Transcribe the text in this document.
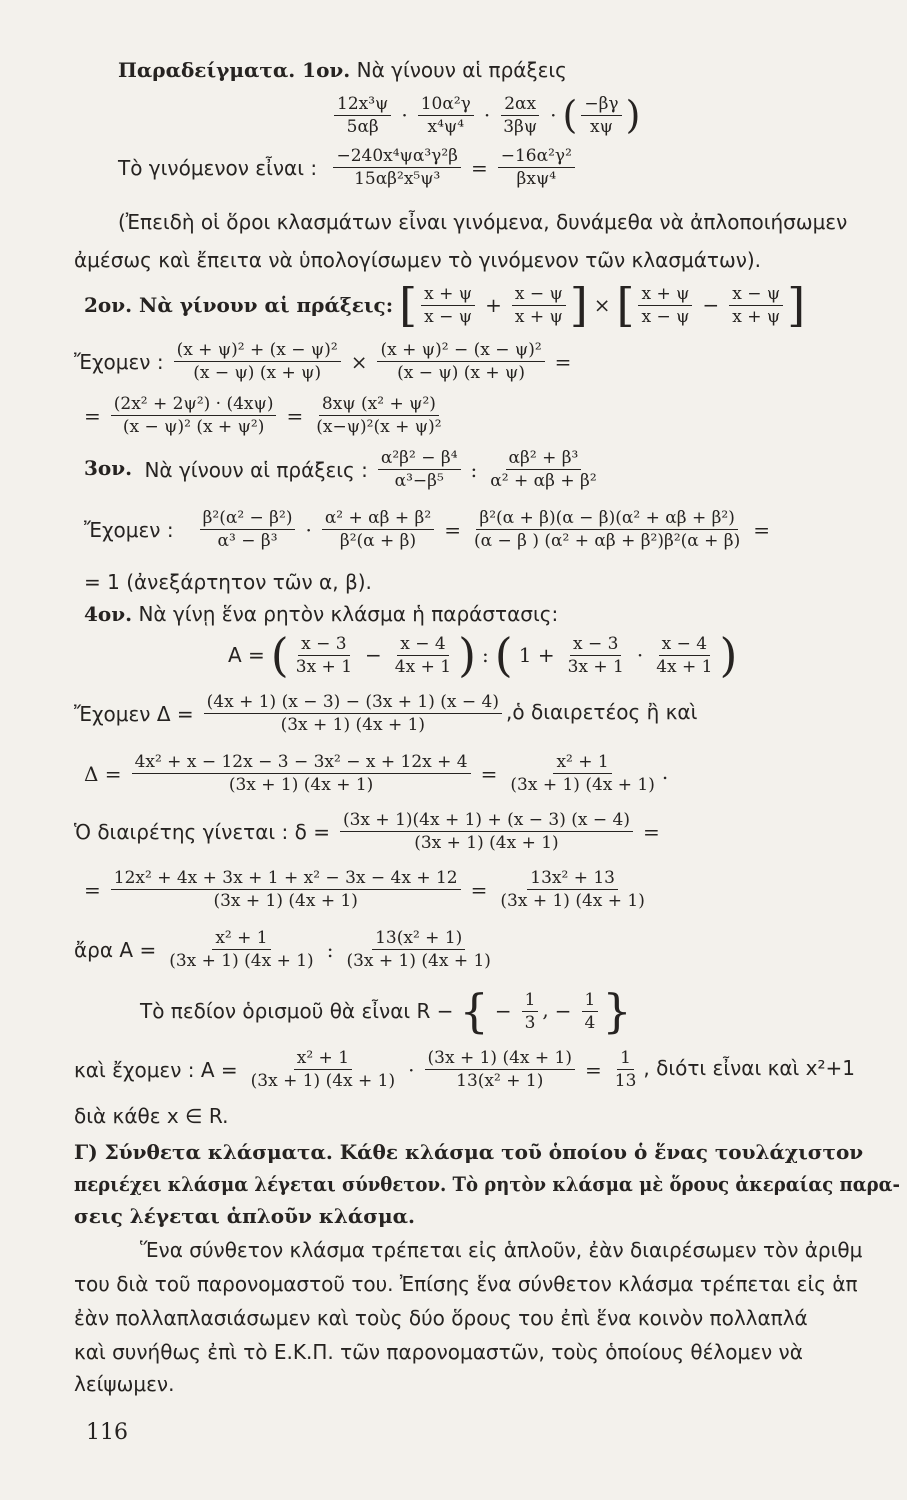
Παραδείγματα. 1ον. Νὰ γίνουν αἱ πράξεις
$\frac{\text{12x³ψ}}{5\alpha\beta} \cdot \frac{\text{10α²γ}}{\text{x⁴ψ⁴}} \cdot \frac{2\alpha x}{3\beta\psi}$ · ( $\frac{-\beta\gamma}{x\psi}$ )
Τὸ γινόμενον εἶναι : $\frac{\text{−240x⁴ψα³γ²β}}{\text{15αβ²x⁵ψ³}} = \frac{\text{−16α²γ²}}{\text{βxψ⁴}}$
(Ἐπειδὴ οἱ ὅροι κλασμάτων εἶναι γινόμενα, δυνάμεθα νὰ ἀπλοποιήσωμεν
ἀμέσως καὶ ἔπειτα νὰ ὑπολογίσωμεν τὸ γινόμενον τῶν κλασμάτων).
2ον. Νὰ γίνουν αἱ πράξεις: [ $\frac{x + \psi}{x - \psi} + \frac{x - \psi}{x + \psi}$ ] × [ $\frac{x + \psi}{x - \psi} - \frac{x - \psi}{x + \psi}$ ]
Ἔχομεν : $\frac{\text{(x + ψ)² + (x − ψ)²}}{(x - \psi) (x + \psi)} \times \frac{\text{(x + ψ)² − (x − ψ)²}}{(x - \psi) (x + \psi)}$ =
= $\frac{\text{(2x² + 2ψ²) · (4xψ)}}{\text{(x − ψ)² (x + ψ²)}} = \frac{\text{8xψ (x² + ψ²)}}{\text{(x−ψ)²(x + ψ)²}}$
3ον. Νὰ γίνουν αἱ πράξεις : $\frac{\text{α²β² − β⁴}}{\text{α³−β⁵}}$ : $\frac{\text{αβ² + β³}}{\text{α² + αβ + β²}}$
Ἔχομεν : $\frac{\text{β²(α² − β²)}}{\text{α³ − β³}} \cdot \frac{\text{α² + αβ + β²}}{\text{β²(α + β)}} = \frac{\text{β²(α + β)(α − β)(α² + αβ + β²)}}{\text{(α − β ) (α² + αβ + β²)β²(α + β)}}$ =
= 1 (ἀνεξάρτητον τῶν α, β).
4ον. Νὰ γίνῃ ἕνα ρητὸν κλάσμα ἡ παράστασις:
Α = ( $\frac{x - 3}{3x + 1} - \frac{x - 4}{4x + 1}$ ) : ( $1 + \frac{x - 3}{3x + 1} \cdot \frac{x - 4}{4x + 1}$ )
Ἔχομεν $\Delta = \frac{(4x + 1) (x - 3) - (3x + 1) (x - 4)}{(3x + 1) (4x + 1)}$ ,ὁ διαιρετέος ἢ καὶ
$\Delta = \frac{\text{4x² + x − 12x − 3 − 3x² − x + 12x + 4}}{(3x + 1) (4x + 1)} = \frac{\text{x² + 1}}{(3x + 1) (4x + 1)}$ .
Ὁ διαιρέτης γίνεται : $\delta = \frac{(3x + 1)(4x + 1) + (x - 3) (x - 4)}{(3x + 1) (4x + 1)}$ =
= $\frac{\text{12x² + 4x + 3x + 1 + x² − 3x − 4x + 12}}{(3x + 1) (4x + 1)} = \frac{\text{13x² + 13}}{(3x + 1) (4x + 1)}$
ἄρα $A = \frac{\text{x² + 1}}{(3x + 1) (4x + 1)}$ : $\frac{\text{13(x² + 1)}}{(3x + 1) (4x + 1)}$
Τὸ πεδίον ὁρισμοῦ θὰ εἶναι R − { − $\frac{1}{3}$ , − $\frac{1}{4}$ }
καὶ ἔχομεν : $A = \frac{\text{x² + 1}}{(3x + 1) (4x + 1)} \cdot \frac{(3x + 1) (4x + 1)}{\text{13(x² + 1)}} = \frac{1}{13}$ , διότι εἶναι καὶ x²+1
διὰ κάθε x ∈ R.
Γ) Σύνθετα κλάσματα. Κάθε κλάσμα τοῦ ὁποίου ὁ ἕνας τουλάχιστον
περιέχει κλάσμα λέγεται σύνθετον. Τὸ ρητὸν κλάσμα μὲ ὅρους ἀκεραίας παρα-
σεις λέγεται ἁπλοῦν κλάσμα.
Ἕνα σύνθετον κλάσμα τρέπεται εἰς ἁπλοῦν, ἐὰν διαιρέσωμεν τὸν ἀριθμ
του διὰ τοῦ παρονομαστοῦ του. Ἐπίσης ἕνα σύνθετον κλάσμα τρέπεται εἰς ἁπ
ἐὰν πολλαπλασιάσωμεν καὶ τοὺς δύο ὅρους του ἐπὶ ἕνα κοινὸν πολλαπλά
καὶ συνήθως ἐπὶ τὸ Ε.Κ.Π. τῶν παρονομαστῶν, τοὺς ὁποίους θέλομεν νὰ
λείψωμεν.
116
